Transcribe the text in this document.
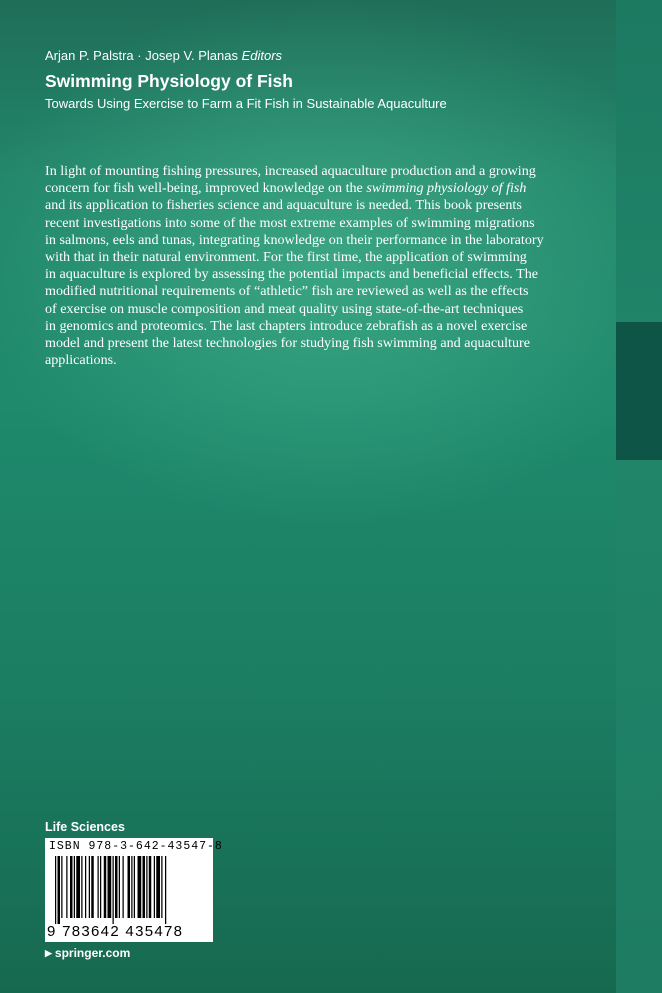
Arjan P. Palstra · Josep V. Planas Editors
Swimming Physiology of Fish
Towards Using Exercise to Farm a Fit Fish in Sustainable Aquaculture

In light of mounting fishing pressures, increased aquaculture production and a growing
concern for fish well-being, improved knowledge on the swimming physiology of fish
and its application to fisheries science and aquaculture is needed. This book presents
recent investigations into some of the most extreme examples of swimming migrations
in salmons, eels and tunas, integrating knowledge on their performance in the laboratory
with that in their natural environment. For the first time, the application of swimming
in aquaculture is explored by assessing the potential impacts and beneficial effects. The
modified nutritional requirements of “athletic” fish are reviewed as well as the effects
of exercise on muscle composition and meat quality using state-of-the-art techniques
in genomics and proteomics. The last chapters introduce zebrafish as a novel exercise
model and present the latest technologies for studying fish swimming and aquaculture
applications.

Life Sciences
ISBN 978-3-642-43547-8
9 783642 435478
▶ springer.com
